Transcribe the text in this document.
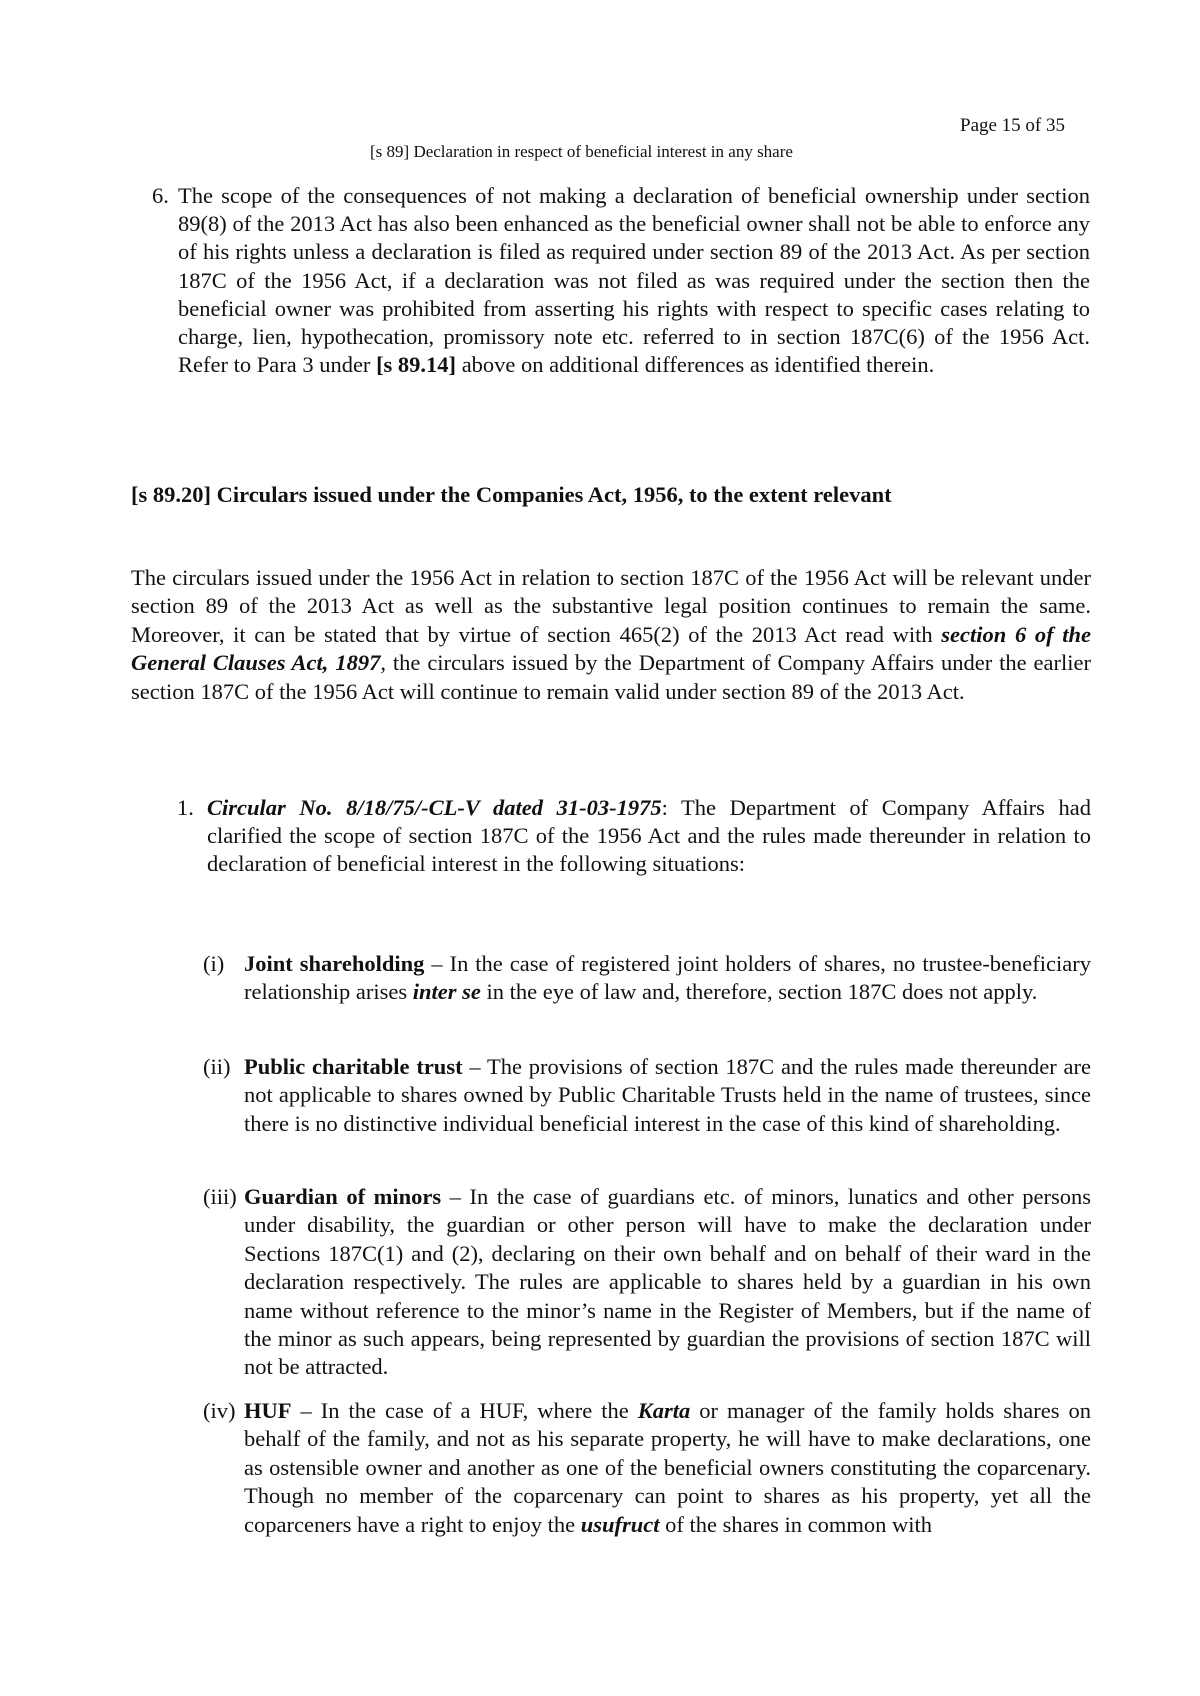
Page 15 of 35
[s 89] Declaration in respect of beneficial interest in any share
6. The scope of the consequences of not making a declaration of beneficial ownership under section 89(8) of the 2013 Act has also been enhanced as the beneficial owner shall not be able to enforce any of his rights unless a declaration is filed as required under section 89 of the 2013 Act. As per section 187C of the 1956 Act, if a declaration was not filed as was required under the section then the beneficial owner was prohibited from asserting his rights with respect to specific cases relating to charge, lien, hypothecation, promissory note etc. referred to in section 187C(6) of the 1956 Act. Refer to Para 3 under [s 89.14] above on additional differences as identified therein.
[s 89.20] Circulars issued under the Companies Act, 1956, to the extent relevant
The circulars issued under the 1956 Act in relation to section 187C of the 1956 Act will be relevant under section 89 of the 2013 Act as well as the substantive legal position continues to remain the same. Moreover, it can be stated that by virtue of section 465(2) of the 2013 Act read with section 6 of the General Clauses Act, 1897, the circulars issued by the Department of Company Affairs under the earlier section 187C of the 1956 Act will continue to remain valid under section 89 of the 2013 Act.
1. Circular No. 8/18/75/-CL-V dated 31-03-1975: The Department of Company Affairs had clarified the scope of section 187C of the 1956 Act and the rules made thereunder in relation to declaration of beneficial interest in the following situations:
(i) Joint shareholding – In the case of registered joint holders of shares, no trustee-beneficiary relationship arises inter se in the eye of law and, therefore, section 187C does not apply.
(ii) Public charitable trust – The provisions of section 187C and the rules made thereunder are not applicable to shares owned by Public Charitable Trusts held in the name of trustees, since there is no distinctive individual beneficial interest in the case of this kind of shareholding.
(iii) Guardian of minors – In the case of guardians etc. of minors, lunatics and other persons under disability, the guardian or other person will have to make the declaration under Sections 187C(1) and (2), declaring on their own behalf and on behalf of their ward in the declaration respectively. The rules are applicable to shares held by a guardian in his own name without reference to the minor’s name in the Register of Members, but if the name of the minor as such appears, being represented by guardian the provisions of section 187C will not be attracted.
(iv) HUF – In the case of a HUF, where the Karta or manager of the family holds shares on behalf of the family, and not as his separate property, he will have to make declarations, one as ostensible owner and another as one of the beneficial owners constituting the coparcenary. Though no member of the coparcenary can point to shares as his property, yet all the coparceners have a right to enjoy the usufruct of the shares in common with
